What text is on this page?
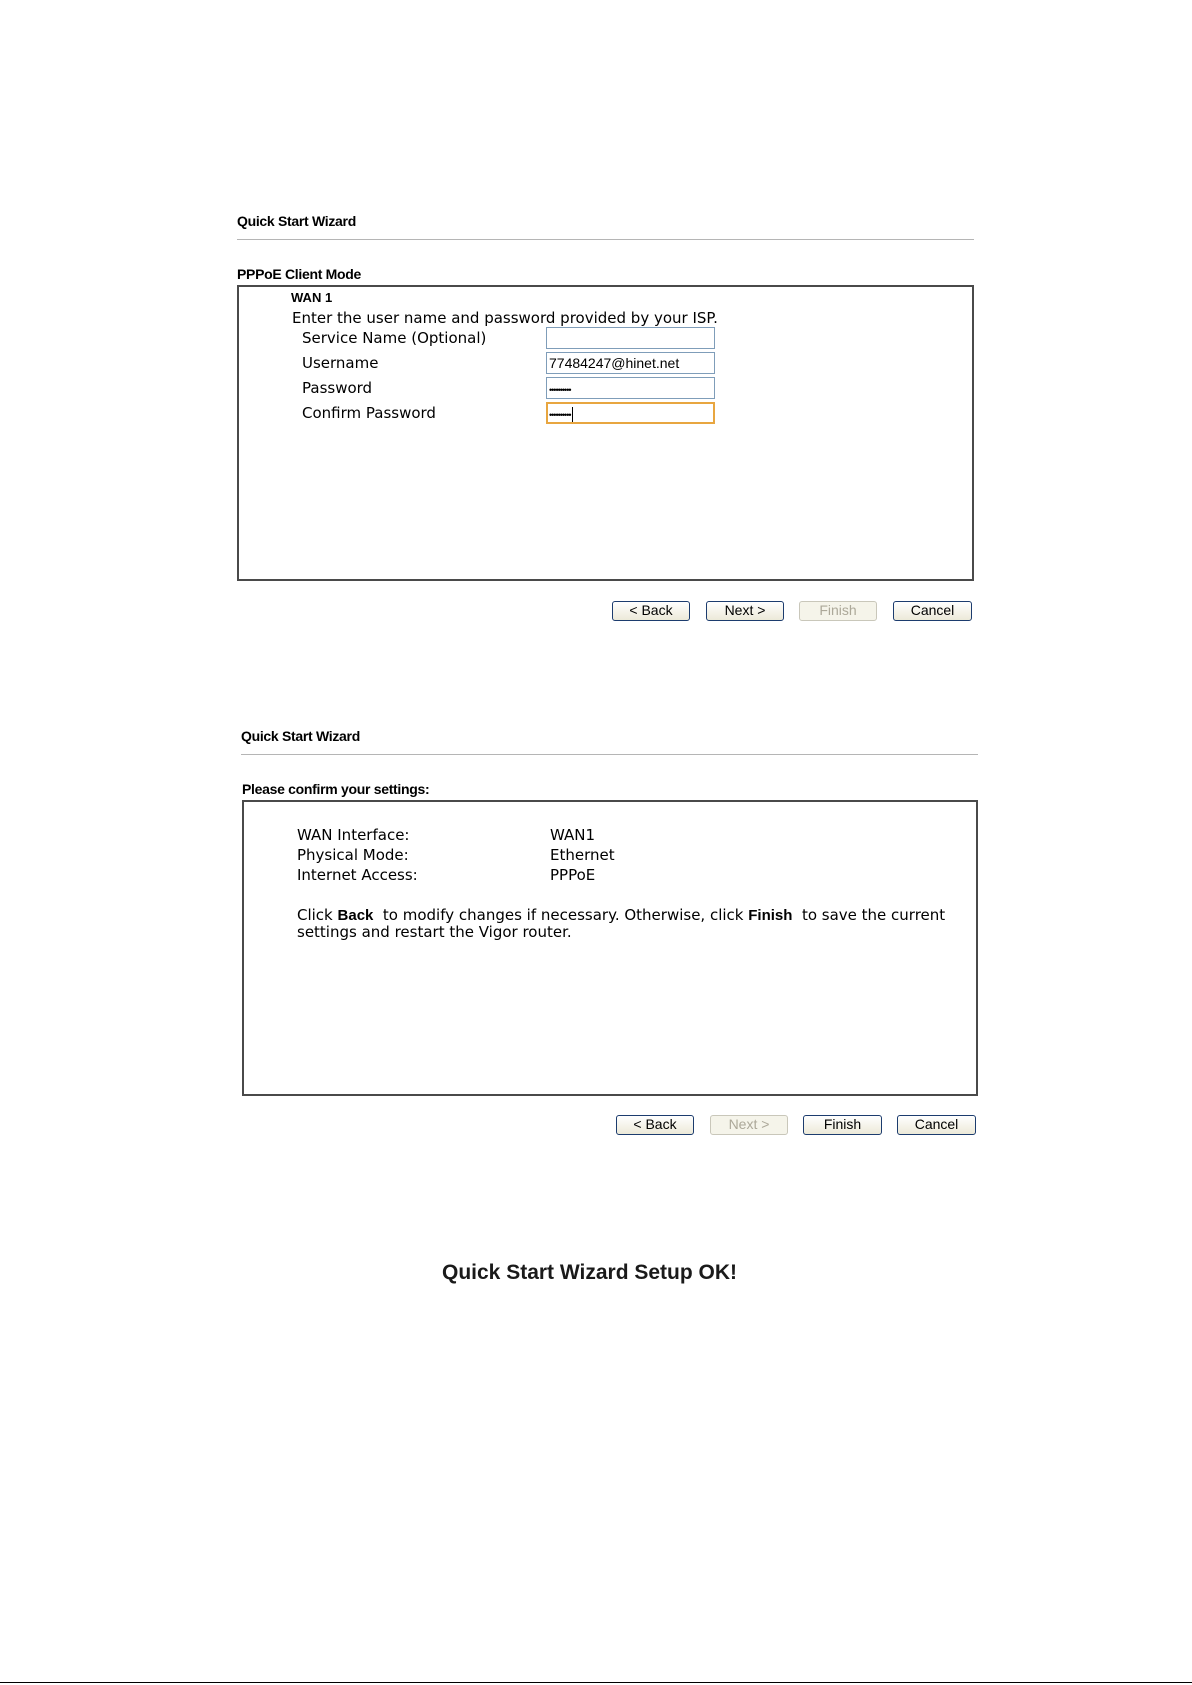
Quick Start Wizard
PPPoE Client Mode
WAN 1
Enter the user name and password provided by your ISP.
Service Name (Optional)
Username	77484247@hinet.net
Password	••••••••••
Confirm Password	••••••••••
< Back	Next >	Finish	Cancel
Quick Start Wizard
Please confirm your settings:
WAN Interface:	WAN1
Physical Mode:	Ethernet
Internet Access:	PPPoE
Click Back  to modify changes if necessary. Otherwise, click Finish  to save the current
settings and restart the Vigor router.
< Back	Next >	Finish	Cancel
Quick Start Wizard Setup OK!
